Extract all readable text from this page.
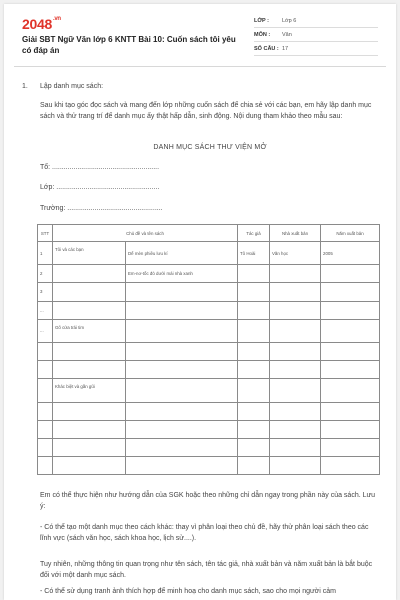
$2048^{.vn}$
Giải SBT Ngữ Văn lớp 6 KNTT Bài 10: Cuốn sách tôi yêu có đáp án
LỚP :	Lớp 6
MÔN :	Văn
SỐ CÂU : 17
1. Lập danh mục sách:
Sau khi tạo góc đọc sách và mang đến lớp những cuốn sách để chia sẻ với các bạn, em hãy lập danh mục sách và thử trang trí để danh mục ấy thật hấp dẫn, sinh động. Nội dung tham khảo theo mẫu sau:
DANH MỤC SÁCH THƯ VIỆN MỞ
Tổ: .......................................................
Lớp: .....................................................
Trường: .................................................
STT	Chủ đề và tên sách		Tác giả	Nhà xuất bản	Năm xuất bản
1	Tôi và các bạn	Dế mèn phiêu lưu kí	Tô Hoài	Văn học	2005
2		Em-nơ-tốc đỏ dưới mái nhà xanh			
3					
...					
...	Gõ cửa trái tim				

	Khác biệt và gần gũi				

Em có thể thực hiện như hướng dẫn của SGK hoặc theo những chỉ dẫn ngay trong phần này của sách. Lưu ý:
- Có thể tạo một danh mục theo cách khác: thay vì phân loại theo chủ đề, hãy thử phân loại sách theo các lĩnh vực (sách văn học, sách khoa học, lịch sử....).
Tuy nhiên, những thông tin quan trọng như tên sách, tên tác giả, nhà xuất bản và năm xuất bản là bắt buộc đối với một danh mục sách.
- Có thể sử dụng tranh ảnh thích hợp để minh hoạ cho danh mục sách, sao cho mọi người cảm
